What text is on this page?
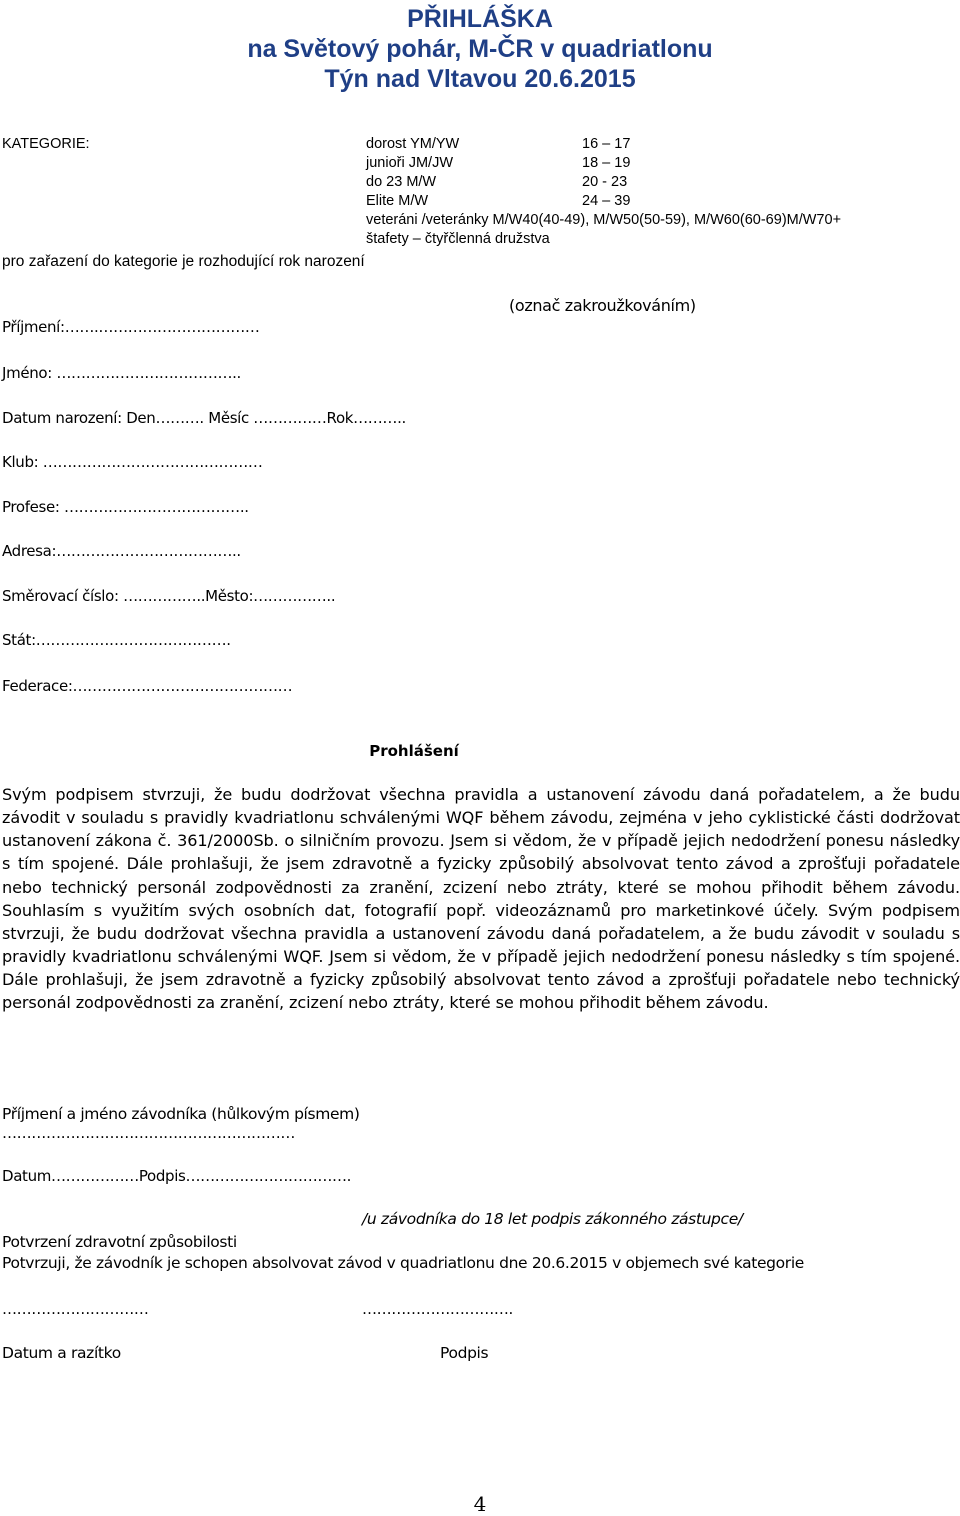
PŘIHLÁŠKA
na Světový pohár, M-ČR v quadriatlonu
Týn nad Vltavou 20.6.2015
KATEGORIE:	dorost YM/YW	16 – 17
junioři JM/JW	18 – 19
do 23 M/W	20 - 23
Elite M/W	24 – 39
veteráni /veteránky M/W40(40-49), M/W50(50-59), M/W60(60-69)M/W70+
štafety – čtyřčlenná družstva
pro zařazení do kategorie je rozhodující rok narození
(označ zakroužkováním)
Příjmení:…….……………………………
Jméno: ………………………………..
Datum narození: Den………. Měsíc ……………Rok………..
Klub: ………………………………………
Profese: ………………………………..
Adresa:………………………………..
Směrovací číslo: ……………..Město:……………..
Stát:………………………………….
Federace:………………………………………
Prohlášení
Svým podpisem stvrzuji, že budu dodržovat všechna pravidla a ustanovení závodu daná pořadatelem, a že budu závodit v souladu s pravidly kvadriatlonu schválenými WQF během závodu, zejména v jeho cyklistické části dodržovat ustanovení zákona č. 361/2000Sb. o silničním provozu. Jsem si vědom, že v případě jejich nedodržení ponesu následky s tím spojené. Dále prohlašuji, že jsem zdravotně a fyzicky způsobilý absolvovat tento závod a zprošťuji pořadatele nebo technický personál zodpovědnosti za zranění, zcizení nebo ztráty, které se mohou přihodit během závodu. Souhlasím s využitím svých osobních dat, fotografií popř. videozáznamů pro marketinkové účely. Svým podpisem stvrzuji, že budu dodržovat všechna pravidla a ustanovení závodu daná pořadatelem, a že budu závodit v souladu s pravidly kvadriatlonu schválenými WQF. Jsem si vědom, že v případě jejich nedodržení ponesu následky s tím spojené. Dále prohlašuji, že jsem zdravotně a fyzicky způsobilý absolvovat tento závod a zprošťuji pořadatele nebo technický personál zodpovědnosti za zranění, zcizení nebo ztráty, které se mohou přihodit během závodu.
Příjmení a jméno závodníka (hůlkovým písmem)
……………………………………………………
Datum………………Podpis…………………………….
/u závodníka do 18 let podpis zákonného zástupce/
Potvrzení zdravotní způsobilosti
Potvrzuji, že závodník je schopen absolvovat závod v quadriatlonu dne 20.6.2015 v objemech své kategorie
…………………………	………………………….
Datum a razítko	Podpis
4
